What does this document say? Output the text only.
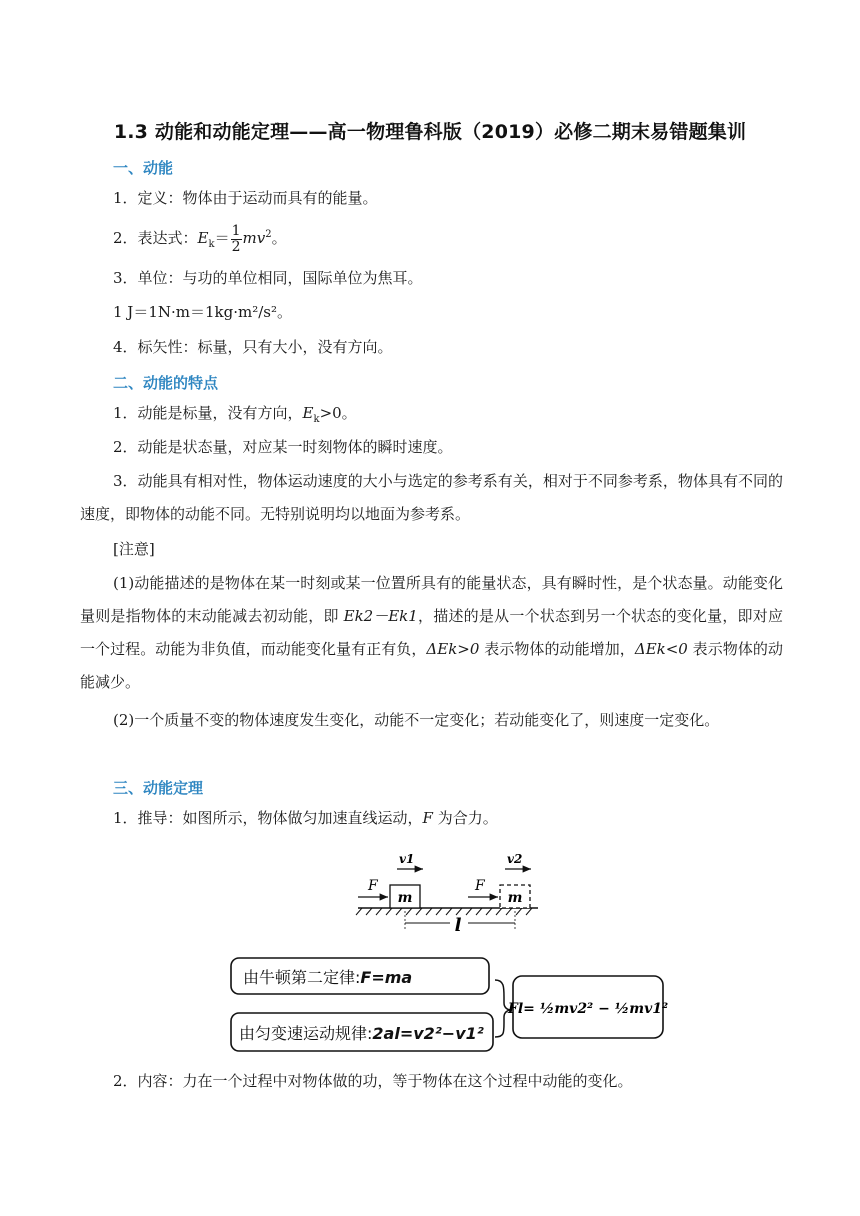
1.3 动能和动能定理——高一物理鲁科版（2019）必修二期末易错题集训
一、动能
1．定义：物体由于运动而具有的能量。
2．表达式：$E_k= \frac{1}{2} mv^2$。
3．单位：与功的单位相同，国际单位为焦耳。
1 J＝1N·m＝1kg·m²/s²。
4．标矢性：标量，只有大小，没有方向。
二、动能的特点
1．动能是标量，没有方向，$E_k>0$。
2．动能是状态量，对应某一时刻物体的瞬时速度。
3．动能具有相对性，物体运动速度的大小与选定的参考系有关，相对于不同参考系，物体具有不同的速度，即物体的动能不同。无特别说明均以地面为参考系。
[注意]
(1)动能描述的是物体在某一时刻或某一位置所具有的能量状态，具有瞬时性，是个状态量。动能变化量则是指物体的末动能减去初动能，即 Ek2－Ek1，描述的是从一个状态到另一个状态的变化量，即对应一个过程。动能为非负值，而动能变化量有正有负，ΔEk>0 表示物体的动能增加，ΔEk<0 表示物体的动能减少。
(2)一个质量不变的物体速度发生变化，动能不一定变化；若动能变化了，则速度一定变化。
三、动能定理
1．推导：如图所示，物体做匀加速直线运动，F 为合力。
m
F
v1
m
F
v2
l
由牛顿第二定律:F=ma
由匀变速运动规律:2al=v2²−v1²
Fl= ½mv2² − ½mv1²
2．内容：力在一个过程中对物体做的功，等于物体在这个过程中动能的变化。
